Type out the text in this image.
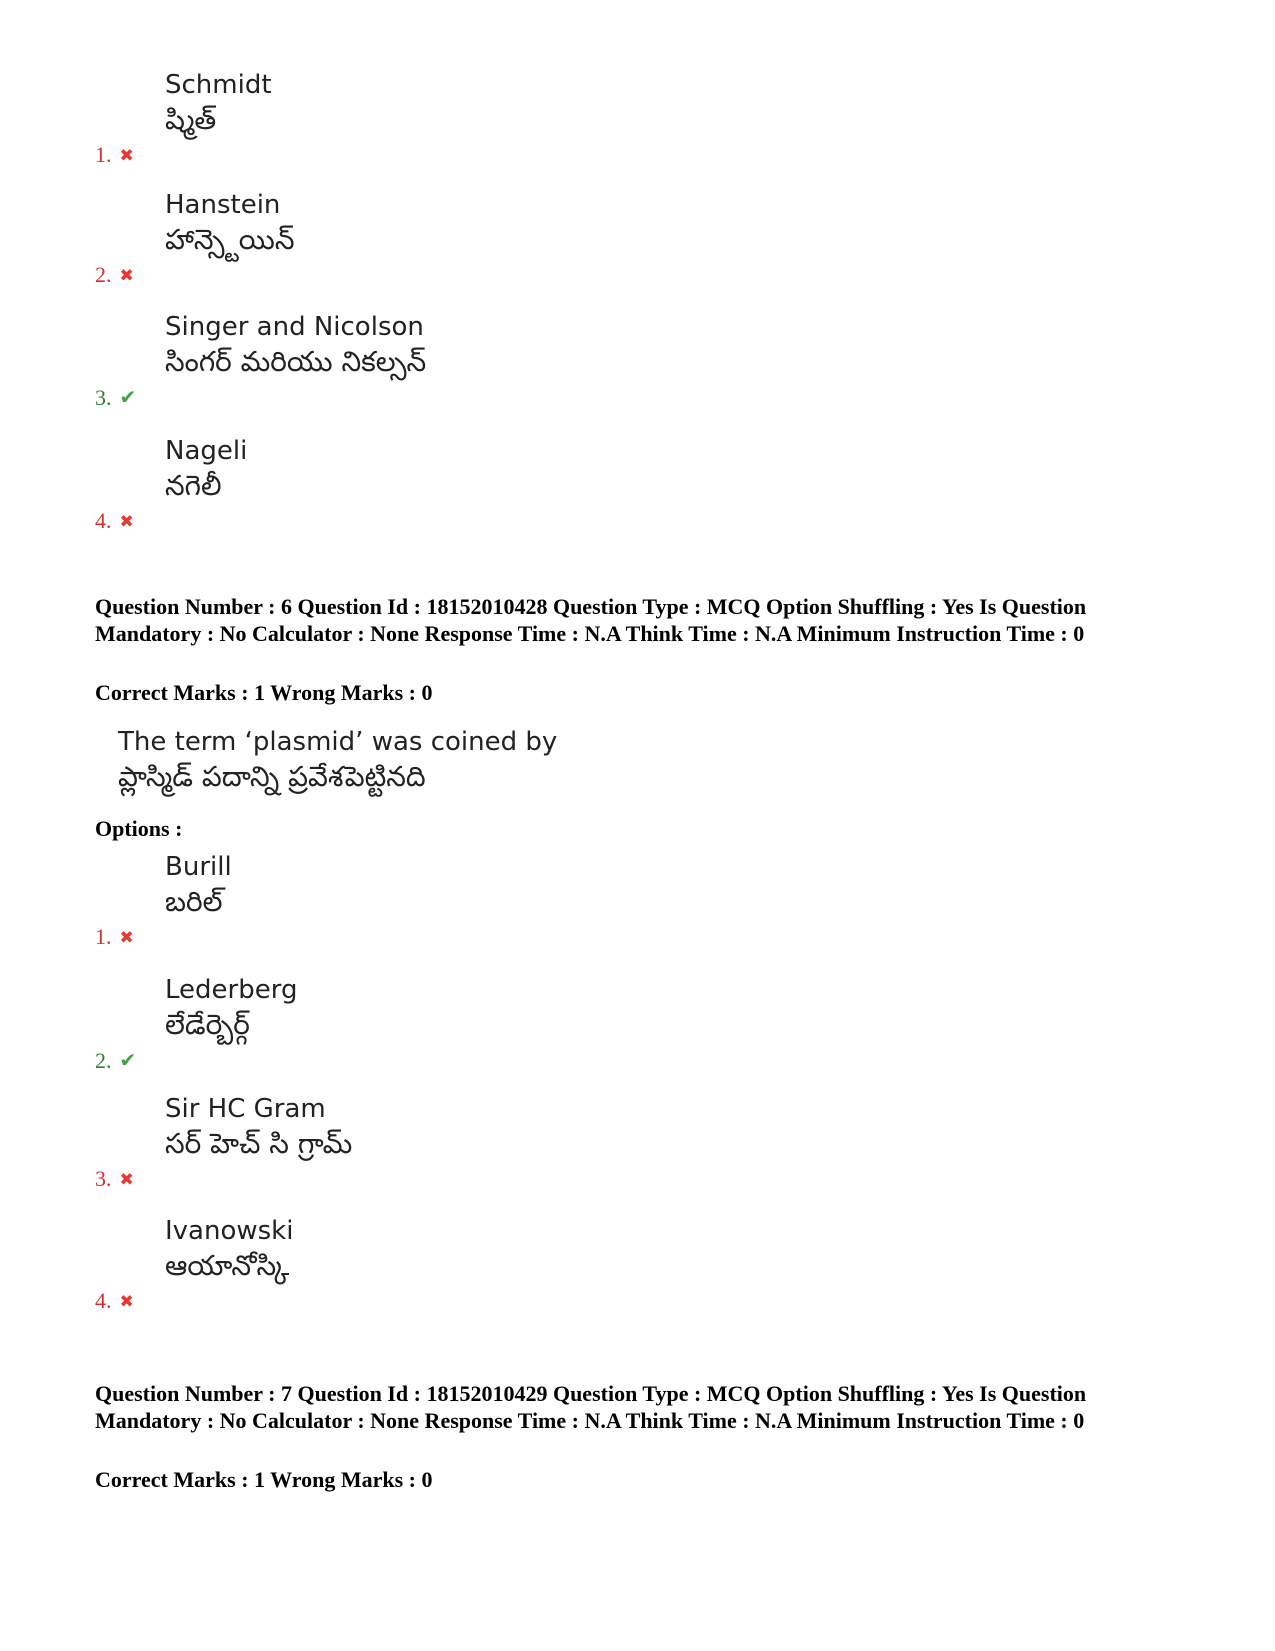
Schmidt
ష్మిత్
1. ✖
Hanstein
హాన్స్టెయిన్
2. ✖
Singer and Nicolson
సింగర్ మరియు నికల్సన్
3. ✔
Nageli
నగెలీ
4. ✖
Question Number : 6 Question Id : 18152010428 Question Type : MCQ Option Shuffling : Yes Is Question Mandatory : No Calculator : None Response Time : N.A Think Time : N.A Minimum Instruction Time : 0
Correct Marks : 1 Wrong Marks : 0
The term ‘plasmid’ was coined by
ప్లాస్మిడ్ పదాన్ని ప్రవేశపెట్టినది
Options :
Burill
బరిల్
1. ✖
Lederberg
లేడేర్బెర్గ్
2. ✔
Sir HC Gram
సర్ హెచ్ సి గ్రామ్
3. ✖
Ivanowski
ఆయానోస్కి
4. ✖
Question Number : 7 Question Id : 18152010429 Question Type : MCQ Option Shuffling : Yes Is Question Mandatory : No Calculator : None Response Time : N.A Think Time : N.A Minimum Instruction Time : 0
Correct Marks : 1 Wrong Marks : 0
